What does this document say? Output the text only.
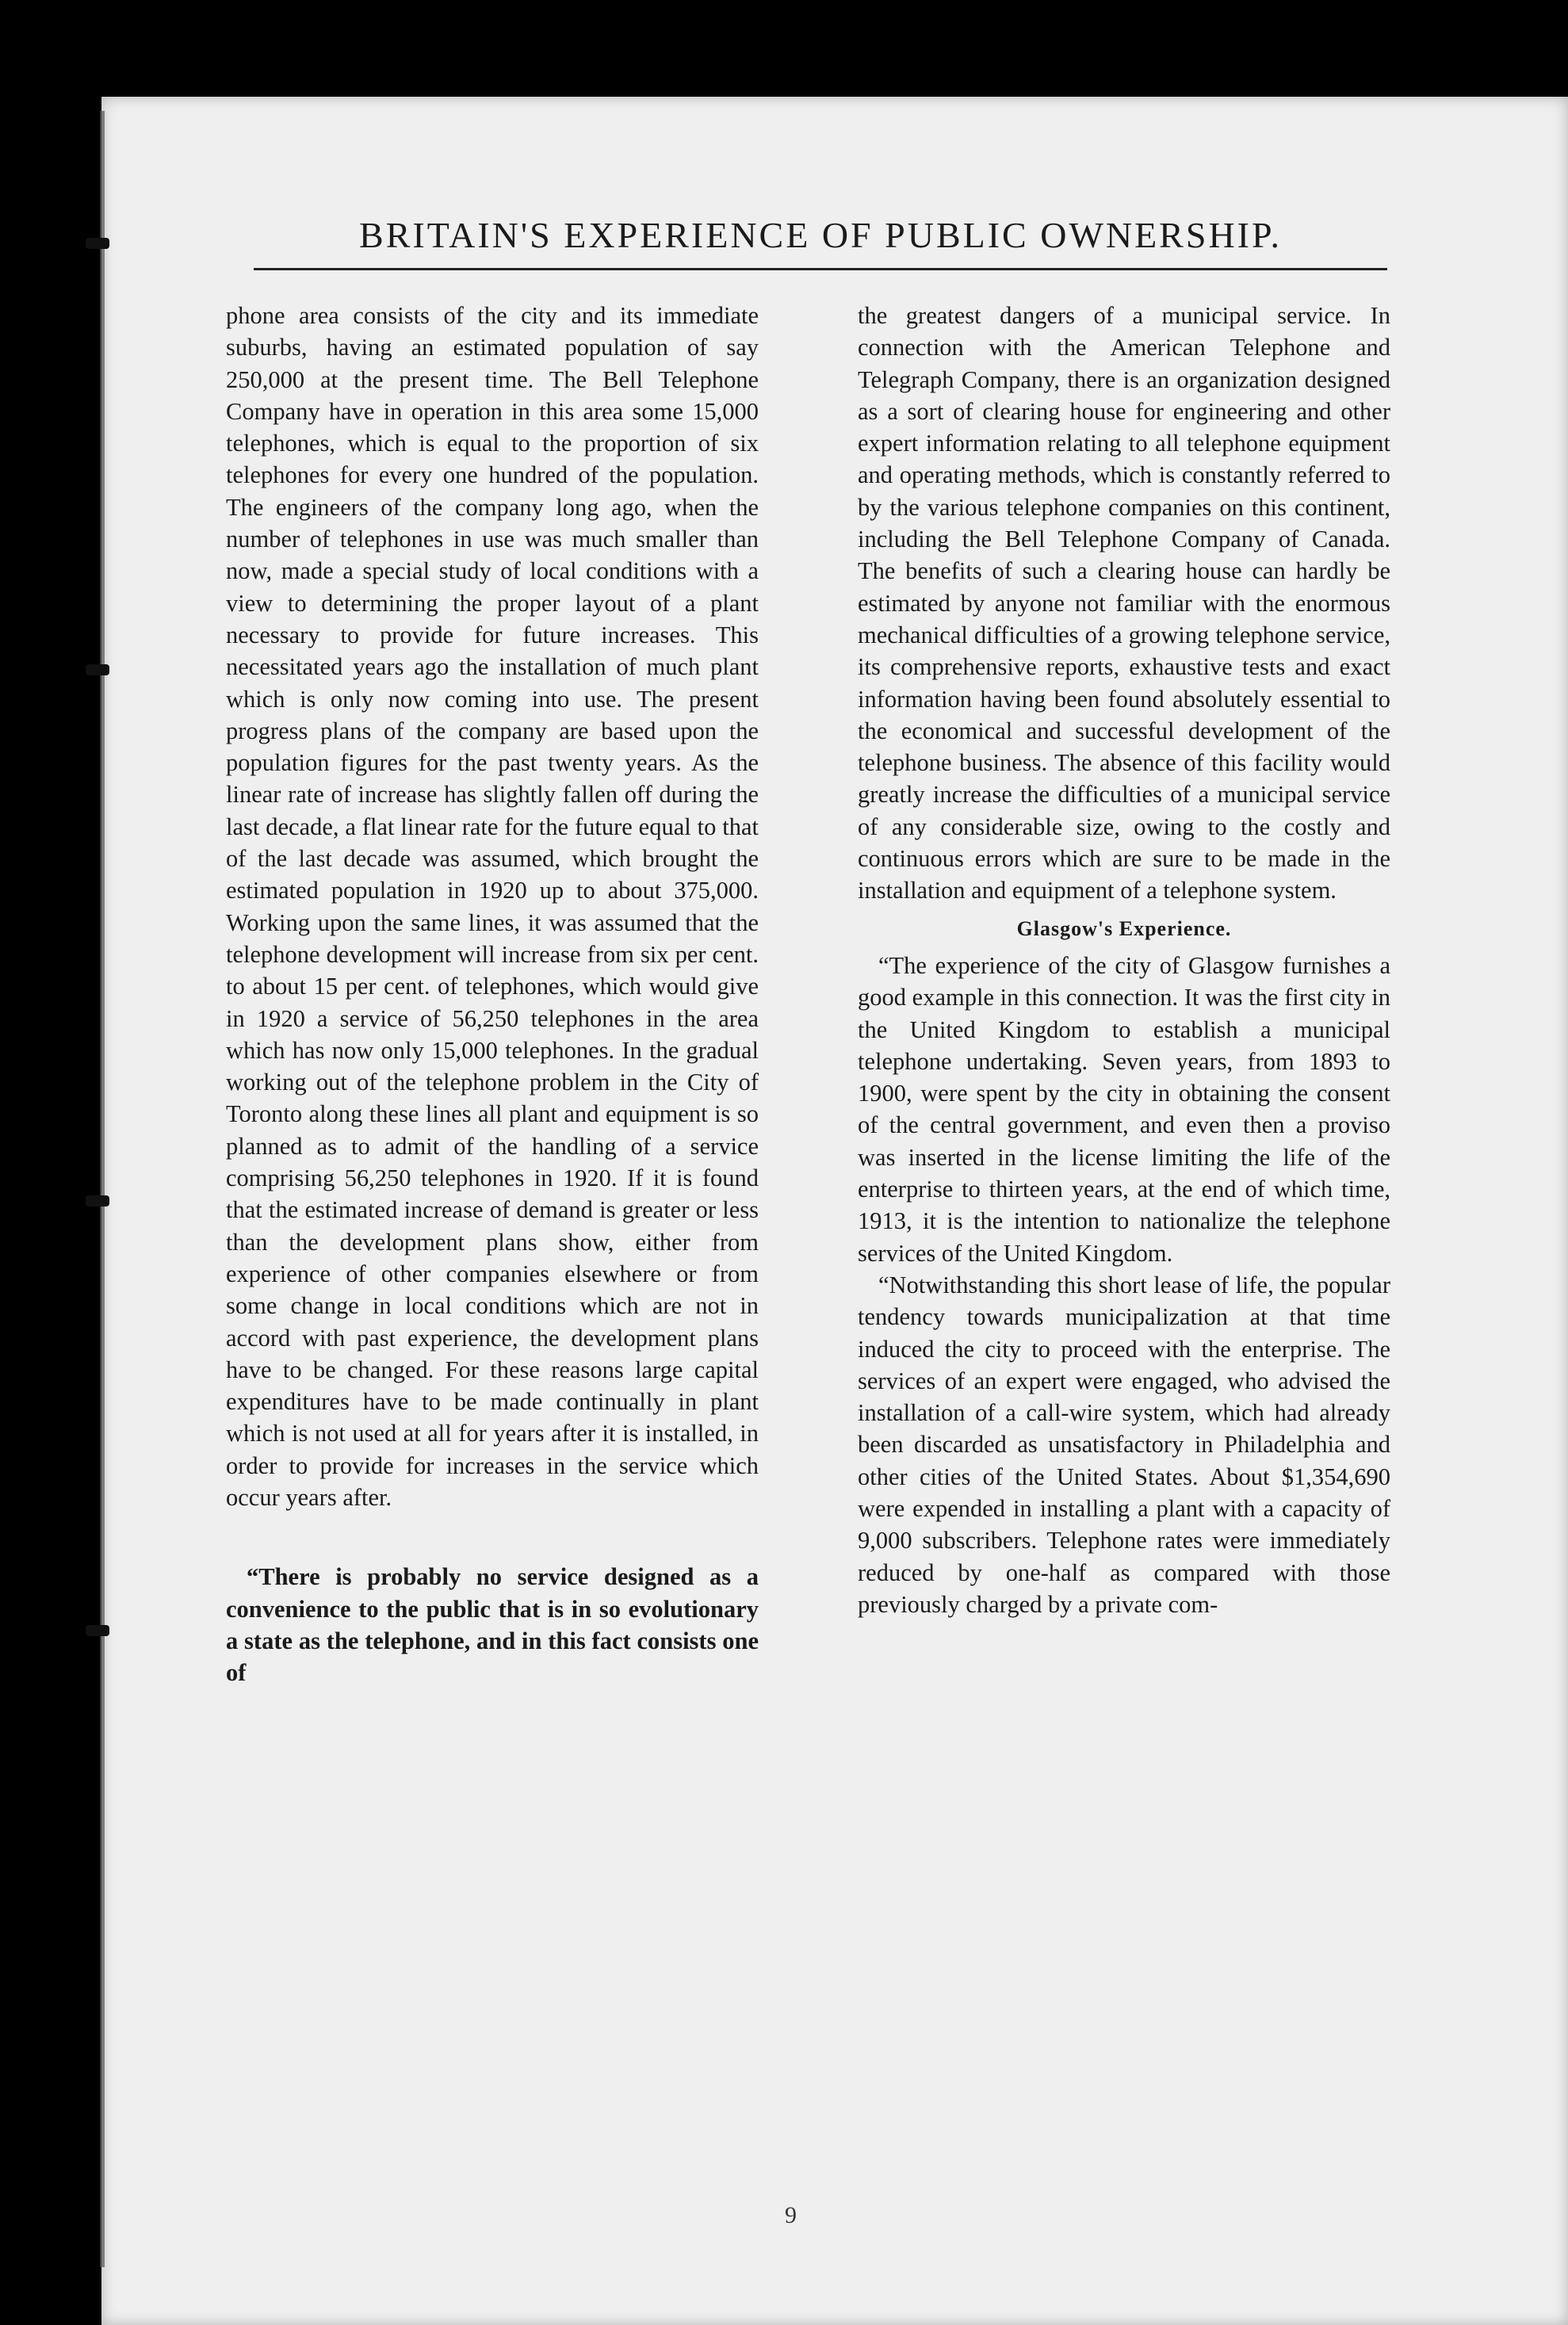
BRITAIN'S EXPERIENCE OF PUBLIC OWNERSHIP.

phone area consists of the city and its immediate suburbs, having an estimated population of say 250,000 at the present time. The Bell Telephone Company have in operation in this area some 15,000 telephones, which is equal to the proportion of six telephones for every one hundred of the population. The engineers of the company long ago, when the number of telephones in use was much smaller than now, made a special study of local conditions with a view to determining the proper layout of a plant necessary to provide for future increases. This necessitated years ago the installation of much plant which is only now coming into use. The present progress plans of the company are based upon the population figures for the past twenty years. As the linear rate of increase has slightly fallen off during the last decade, a flat linear rate for the future equal to that of the last decade was assumed, which brought the estimated population in 1920 up to about 375,000. Working upon the same lines, it was assumed that the telephone development will increase from six per cent. to about 15 per cent. of telephones, which would give in 1920 a service of 56,250 telephones in the area which has now only 15,000 telephones. In the gradual working out of the telephone problem in the City of Toronto along these lines all plant and equipment is so planned as to admit of the handling of a service comprising 56,250 telephones in 1920. If it is found that the estimated increase of demand is greater or less than the development plans show, either from experience of other companies elsewhere or from some change in local conditions which are not in accord with past experience, the development plans have to be changed. For these reasons large capital expenditures have to be made continually in plant which is not used at all for years after it is installed, in order to provide for increases in the service which occur years after.

“There is probably no service designed as a convenience to the public that is in so evolutionary a state as the telephone, and in this fact consists one of

the greatest dangers of a municipal service. In connection with the American Telephone and Telegraph Company, there is an organization designed as a sort of clearing house for engineering and other expert information relating to all telephone equipment and operating methods, which is constantly referred to by the various telephone companies on this continent, including the Bell Telephone Company of Canada. The benefits of such a clearing house can hardly be estimated by anyone not familiar with the enormous mechanical difficulties of a growing telephone service, its comprehensive reports, exhaustive tests and exact information having been found absolutely essential to the economical and successful development of the telephone business. The absence of this facility would greatly increase the difficulties of a municipal service of any considerable size, owing to the costly and continuous errors which are sure to be made in the installation and equipment of a telephone system.

Glasgow's Experience.

“The experience of the city of Glasgow furnishes a good example in this connection. It was the first city in the United Kingdom to establish a municipal telephone undertaking. Seven years, from 1893 to 1900, were spent by the city in obtaining the consent of the central government, and even then a proviso was inserted in the license limiting the life of the enterprise to thirteen years, at the end of which time, 1913, it is the intention to nationalize the telephone services of the United Kingdom.

“Notwithstanding this short lease of life, the popular tendency towards municipalization at that time induced the city to proceed with the enterprise. The services of an expert were engaged, who advised the installation of a call-wire system, which had already been discarded as unsatisfactory in Philadelphia and other cities of the United States. About $1,354,690 were expended in installing a plant with a capacity of 9,000 subscribers. Telephone rates were immediately reduced by one-half as compared with those previously charged by a private com-

9
